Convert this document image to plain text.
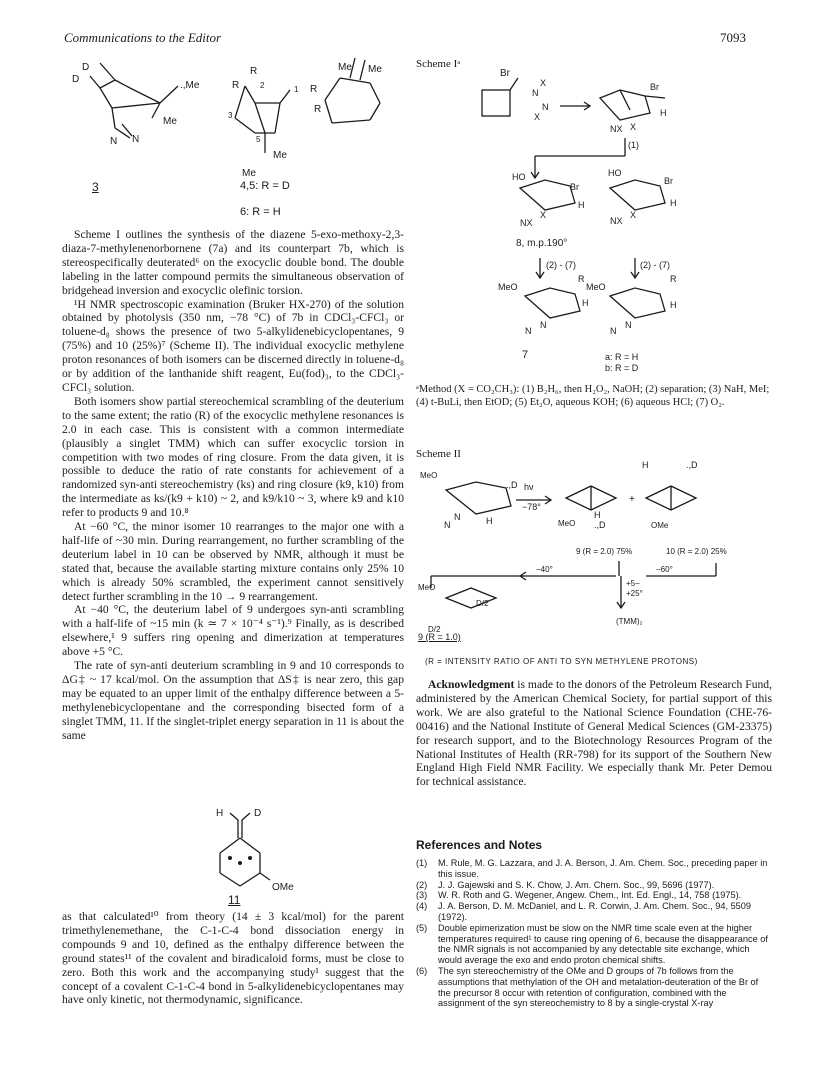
Communications to the Editor	7093
D
D
.,Me
Me
N N
R
R	2	1
3
5
R
R
Me Me
Me
Me
3	4,5: R = D
6: R = H

Scheme I outlines the synthesis of the diazene 5-exo-methoxy-2,3-diaza-7-methylenenorbornene (7a) and its counterpart 7b, which is stereospecifically deuterated⁶ on the exocyclic double bond. The double labeling in the latter compound permits the simultaneous observation of bridgehead inversion and exocyclic olefinic torsion.

¹H NMR spectroscopic examination (Bruker HX-270) of the solution obtained by photolysis (350 nm, −78 °C) of 7b in CDCl₃-CFCl₃ or toluene-d₈ shows the presence of two 5-alkylidenebicyclopentanes, 9 (75%) and 10 (25%)⁷ (Scheme II). The individual exocyclic methylene proton resonances of both isomers can be discerned directly in toluene-d₈ or by addition of the lanthanide shift reagent, Eu(fod)₃, to the CDCl₃-CFCl₃ solution.

Both isomers show partial stereochemical scrambling of the deuterium to the same extent; the ratio (R) of the exocyclic methylene resonances is 2.0 in each case. This is consistent with a common intermediate (plausibly a singlet TMM) which can suffer exocyclic torsion in competition with two modes of ring closure. From the data given, it is possible to deduce the ratio of rate constants for achievement of a randomized syn-anti stereochemistry (ks) and ring closure (k9, k10) from the intermediate as ks/(k9 + k10) ~ 2, and k9/k10 ~ 3, where k9 and k10 refer to products 9 and 10.⁸

At −60 °C, the minor isomer 10 rearranges to the major one with a half-life of ~30 min. During rearrangement, no further scrambling of the deuterium label in 10 can be observed by NMR, although it must be stated that, because the available starting mixture contains only 25% 10 which is already 50% scrambled, the experiment cannot sensitively detect further scrambling in the 10 → 9 rearrangement.

At −40 °C, the deuterium label of 9 undergoes syn-anti scrambling with a half-life of ~15 min (k ≃ 7 × 10⁻⁴ s⁻¹).⁹ Finally, as is described elsewhere,¹ 9 suffers ring opening and dimerization at temperatures above +5 °C.

The rate of syn-anti deuterium scrambling in 9 and 10 corresponds to ΔG‡ ~ 17 kcal/mol. On the assumption that ΔS‡ is near zero, this gap may be equated to an upper limit of the enthalpy difference between a 5-methylenebicyclopentane and the corresponding bisected form of a singlet TMM, 11. If the singlet-triplet energy separation in 11 is about the same

H	D
OMe
11

as that calculated¹⁰ from theory (14 ± 3 kcal/mol) for the parent trimethylenemethane, the C-1-C-4 bond dissociation energy in compounds 9 and 10, defined as the enthalpy difference between the ground states¹¹ of the covalent and biradicaloid forms, must be close to zero. Both this work and the accompanying study¹ suggest that the concept of a covalent C-1-C-4 bond in 5-alkylidenebicyclopentanes may have only kinetic, not thermodynamic, significance.

Scheme Iᵃ
Br
N
X
X
N
Br
NX X
H
(1)
HO	HO
Br
Br
NX
X
NX
X
H	H
8, m.p.190°
(2) - (7)	(2) - (7)
MeO
R
MeO
R
H	H
N
N
N
N
7	a: R = H
b: R = D
ᵃMethod (X = CO₂CH₃): (1) B₂H₆, then H₂O₂, NaOH; (2) separation; (3) NaH, MeI; (4) t-BuLi, then EtOD; (5) Et₂O, aqueous KOH; (6) aqueous HCl; (7) O₂.
Scheme II
MeO
.,D
N
N	H
hν
−78°
MeO .,D
H
H	.,D
OMe
+
9 (R = 2.0) 75%	10 (R = 2.0) 25%
−40°	−60°
+5−
+25°
MeO
D/2
D/2
(TMM)₂
9 (R = 1.0)
(R = INTENSITY RATIO OF ANTI TO SYN METHYLENE PROTONS)

Acknowledgment is made to the donors of the Petroleum Research Fund, administered by the American Chemical Society, for partial support of this work. We are also grateful to the National Science Foundation (CHE-76-00416) and the National Institute of General Medical Sciences (GM-23375) for research support, and to the Biotechnology Resources Program of the National Institutes of Health (RR-798) for its support of the Southern New England High Field NMR Facility. We especially thank Mr. Peter Demou for technical assistance.

References and Notes
(1)	M. Rule, M. G. Lazzara, and J. A. Berson, J. Am. Chem. Soc., preceding paper in this issue.
(2)	J. J. Gajewski and S. K. Chow, J. Am. Chem. Soc., 99, 5696 (1977).
(3)	W. R. Roth and G. Wegener, Angew. Chem., Int. Ed. Engl., 14, 758 (1975).
(4)	J. A. Berson, D. M. McDaniel, and L. R. Corwin, J. Am. Chem. Soc., 94, 5509 (1972).
(5)	Double epimerization must be slow on the NMR time scale even at the higher temperatures required¹ to cause ring opening of 6, because the disappearance of the NMR signals is not accompanied by any detectable site exchange, which would average the exo and endo proton chemical shifts.
(6)	The syn stereochemistry of the OMe and D groups of 7b follows from the assumptions that methylation of the OH and metalation-deuteration of the Br of the precursor 8 occur with retention of configuration, combined with the assignment of the syn stereochemistry to 8 by a single-crystal X-ray
